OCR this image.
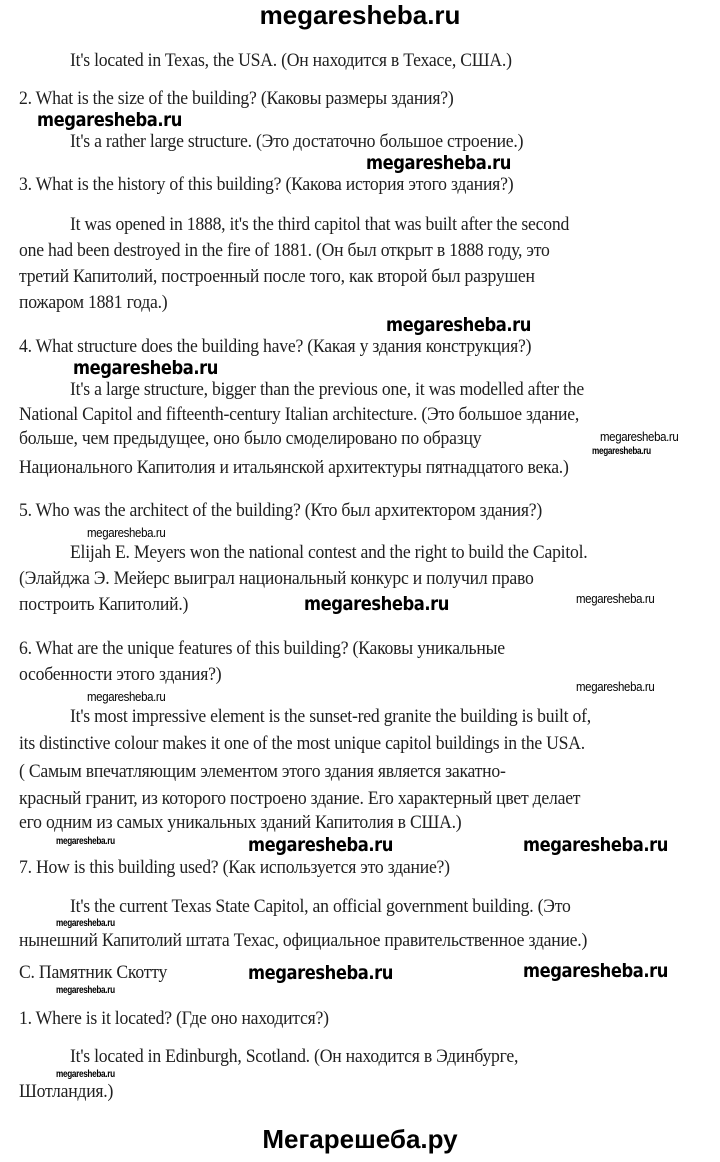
megaresheba.ru
It's located in Texas, the USA. (Он находится в Техасе, США.)
2. What is the size of the building? (Каковы размеры здания?)
megaresheba.ru
It's a rather large structure. (Это достаточно большое строение.)
megaresheba.ru
3. What is the history of this building? (Какова история этого здания?)
It was opened in 1888, it's the third capitol that was built after the second
one had been destroyed in the fire of 1881. (Он был открыт в 1888 году, это
третий Капитолий, построенный после того, как второй был разрушен
пожаром 1881 года.)
megaresheba.ru
4. What structure does the building have? (Какая у здания конструкция?)
megaresheba.ru
It's a large structure, bigger than the previous one, it was modelled after the
National Capitol and fifteenth-century Italian architecture. (Это большое здание,
больше, чем предыдущее, оно было смоделировано по образцу	megaresheba.ru
megaresheba.ru
Национального Капитолия и итальянской архитектуры пятнадцатого века.)
5. Who was the architect of the building? (Кто был архитектором здания?)
megaresheba.ru
Elijah E. Meyers won the national contest and the right to build the Capitol.
(Элайджа Э. Мейерс выиграл национальный конкурс и получил право
megaresheba.ru
megaresheba.ru
построить Капитолий.)
6. What are the unique features of this building? (Каковы уникальные
особенности этого здания?)
megaresheba.ru
megaresheba.ru
It's most impressive element is the sunset-red granite the building is built of,
its distinctive colour makes it one of the most unique capitol buildings in the USA.
( Самым впечатляющим элементом этого здания является закатно-
красный гранит, из которого построено здание. Его характерный цвет делает
его одним из самых уникальных зданий Капитолия в США.)
megaresheba.ru	megaresheba.ru	megaresheba.ru
7. How is this building used? (Как используется это здание?)
It's the current Texas State Capitol, an official government building. (Это
megaresheba.ru
нынешний Капитолий штата Техас, официальное правительственное здание.)
C. Памятник Скотту	megaresheba.ru	megaresheba.ru
megaresheba.ru
1. Where is it located? (Где оно находится?)
It's located in Edinburgh, Scotland. (Он находится в Эдинбурге,
megaresheba.ru
Шотландия.)
Мегарешеба.ру
